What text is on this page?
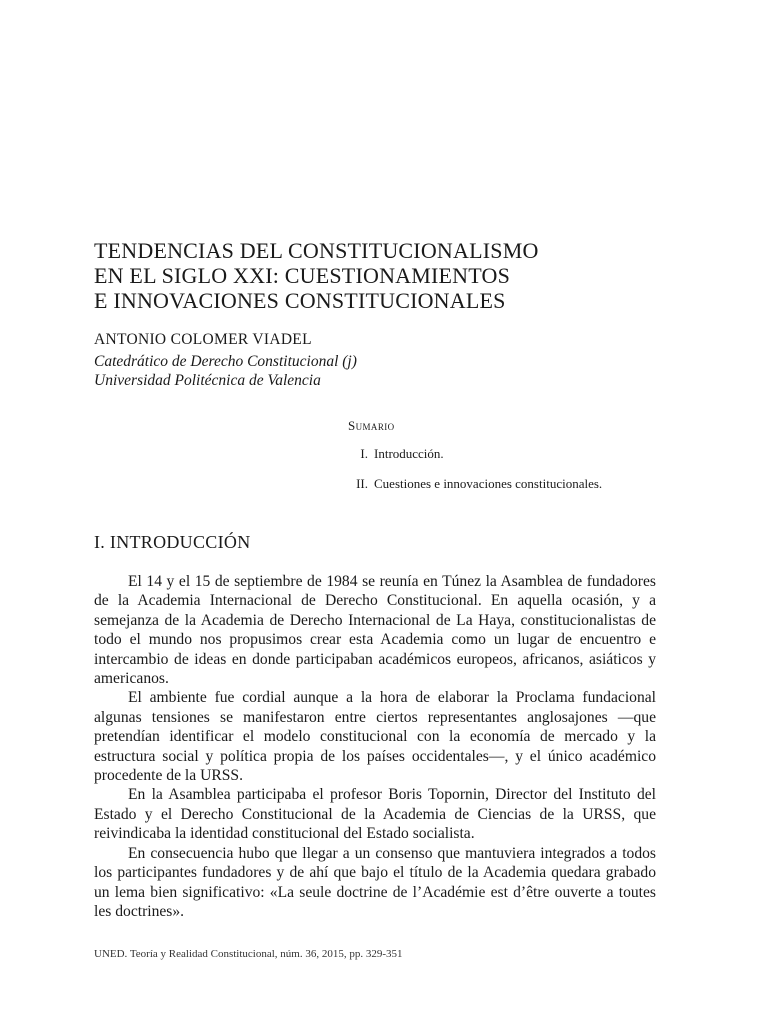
TENDENCIAS DEL CONSTITUCIONALISMO
EN EL SIGLO XXI: CUESTIONAMIENTOS
E INNOVACIONES CONSTITUCIONALES
ANTONIO COLOMER VIADEL
Catedrático de Derecho Constitucional (j)
Universidad Politécnica de Valencia
Sumario
I. Introducción.
II. Cuestiones e innovaciones constitucionales.
I. INTRODUCCIÓN

El 14 y el 15 de septiembre de 1984 se reunía en Túnez la Asamblea de fundadores de la Academia Internacional de Derecho Constitucional. En aquella ocasión, y a semejanza de la Academia de Derecho Internacional de La Haya, constitucionalistas de todo el mundo nos propusimos crear esta Academia como un lugar de encuentro e intercambio de ideas en donde participaban académicos europeos, africanos, asiáticos y americanos.

El ambiente fue cordial aunque a la hora de elaborar la Proclama fundacional algunas tensiones se manifestaron entre ciertos representantes anglosajones —que pretendían identificar el modelo constitucional con la economía de mercado y la estructura social y política propia de los países occidentales—, y el único académico procedente de la URSS.

En la Asamblea participaba el profesor Boris Topornin, Director del Instituto del Estado y el Derecho Constitucional de la Academia de Ciencias de la URSS, que reivindicaba la identidad constitucional del Estado socialista.

En consecuencia hubo que llegar a un consenso que mantuviera integrados a todos los participantes fundadores y de ahí que bajo el título de la Academia quedara grabado un lema bien significativo: «La seule doctrine de l’Académie est d’être ouverte a toutes les doctrines».

UNED. Teoría y Realidad Constitucional, núm. 36, 2015, pp. 329-351
